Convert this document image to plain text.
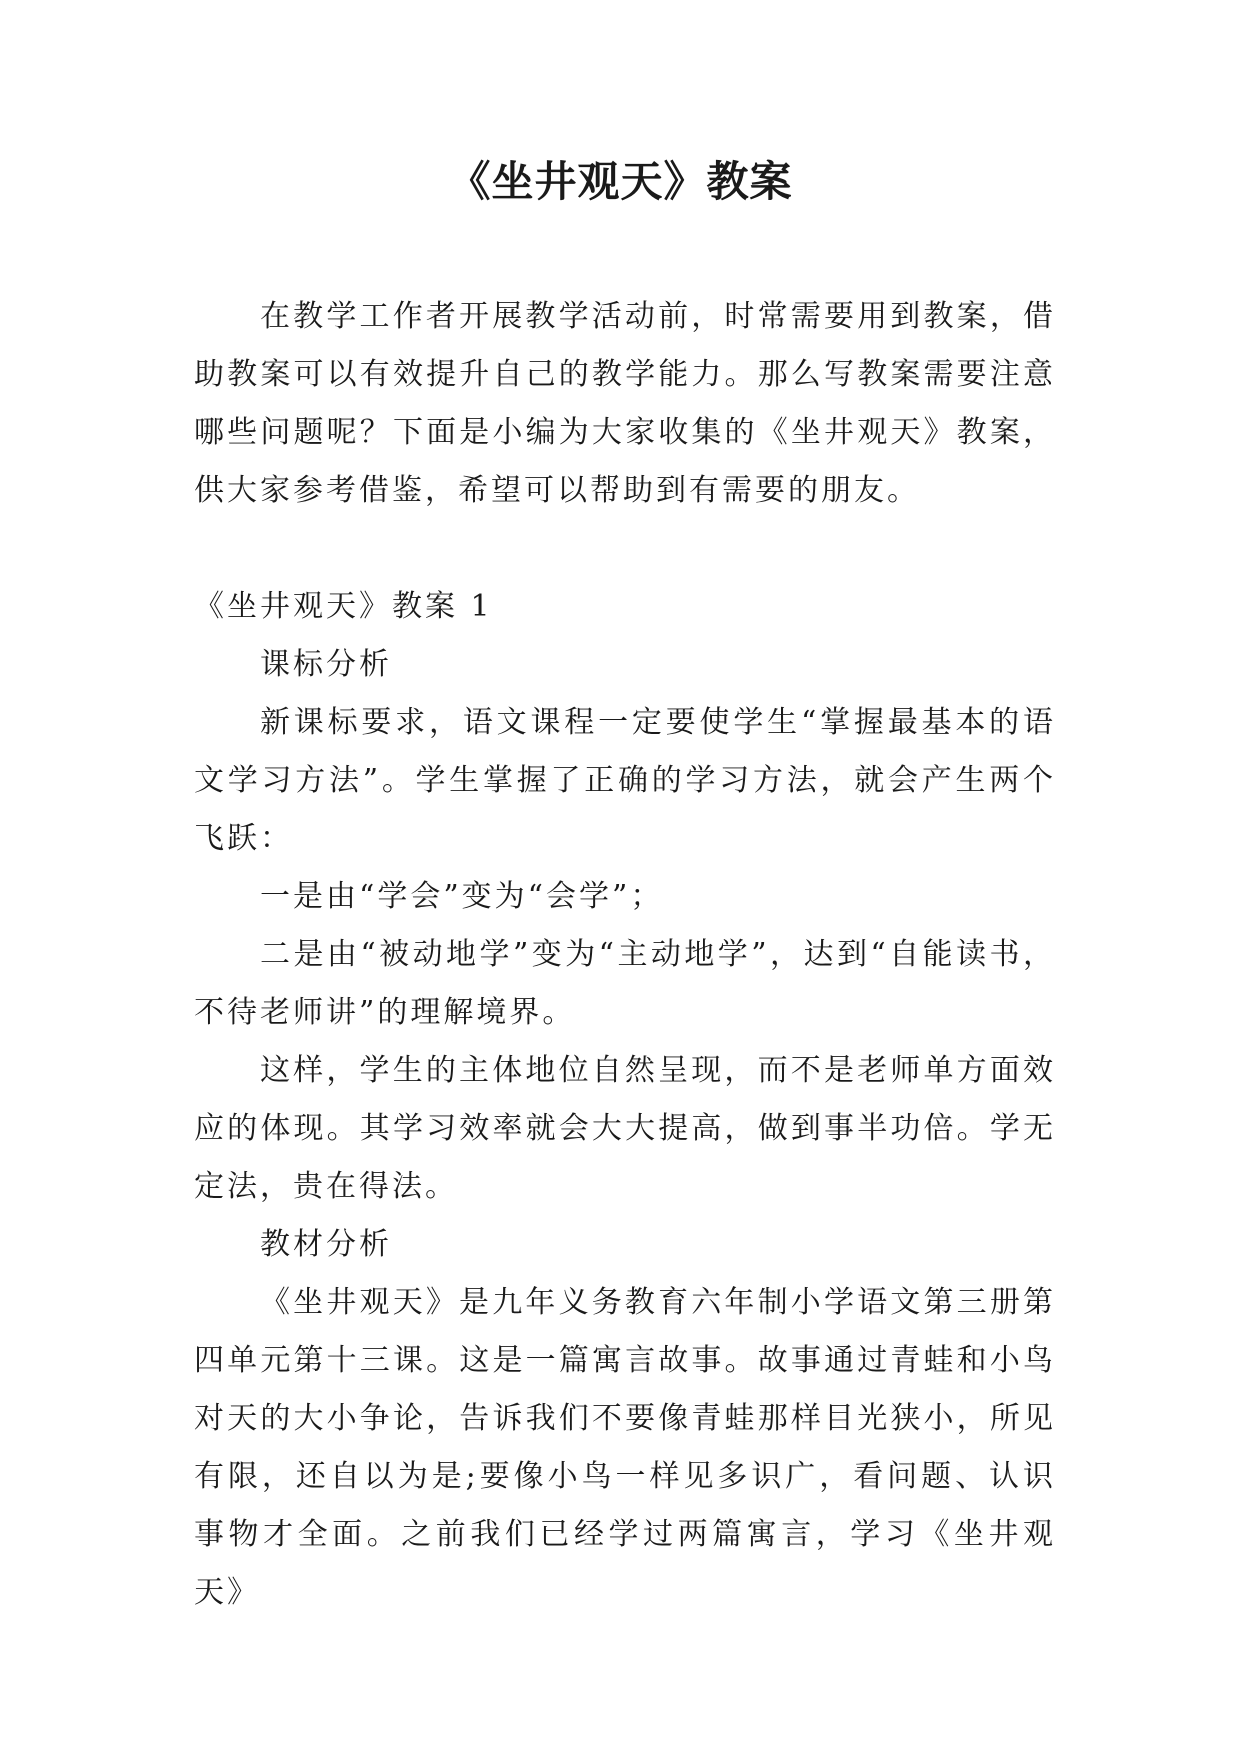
《坐井观天》教案

在教学工作者开展教学活动前，时常需要用到教案，借助教案可以有效提升自己的教学能力。那么写教案需要注意哪些问题呢？下面是小编为大家收集的《坐井观天》教案，供大家参考借鉴，希望可以帮助到有需要的朋友。

《坐井观天》教案 1

课标分析

新课标要求，语文课程一定要使学生“掌握最基本的语文学习方法”。学生掌握了正确的学习方法，就会产生两个飞跃：

一是由“学会”变为“会学”；

二是由“被动地学”变为“主动地学”，达到“自能读书，不待老师讲”的理解境界。

这样，学生的主体地位自然呈现，而不是老师单方面效应的体现。其学习效率就会大大提高，做到事半功倍。学无定法，贵在得法。

教材分析

《坐井观天》是九年义务教育六年制小学语文第三册第四单元第十三课。这是一篇寓言故事。故事通过青蛙和小鸟对天的大小争论，告诉我们不要像青蛙那样目光狭小，所见有限，还自以为是;要像小鸟一样见多识广，看问题、认识事物才全面。之前我们已经学过两篇寓言，学习《坐井观天》
